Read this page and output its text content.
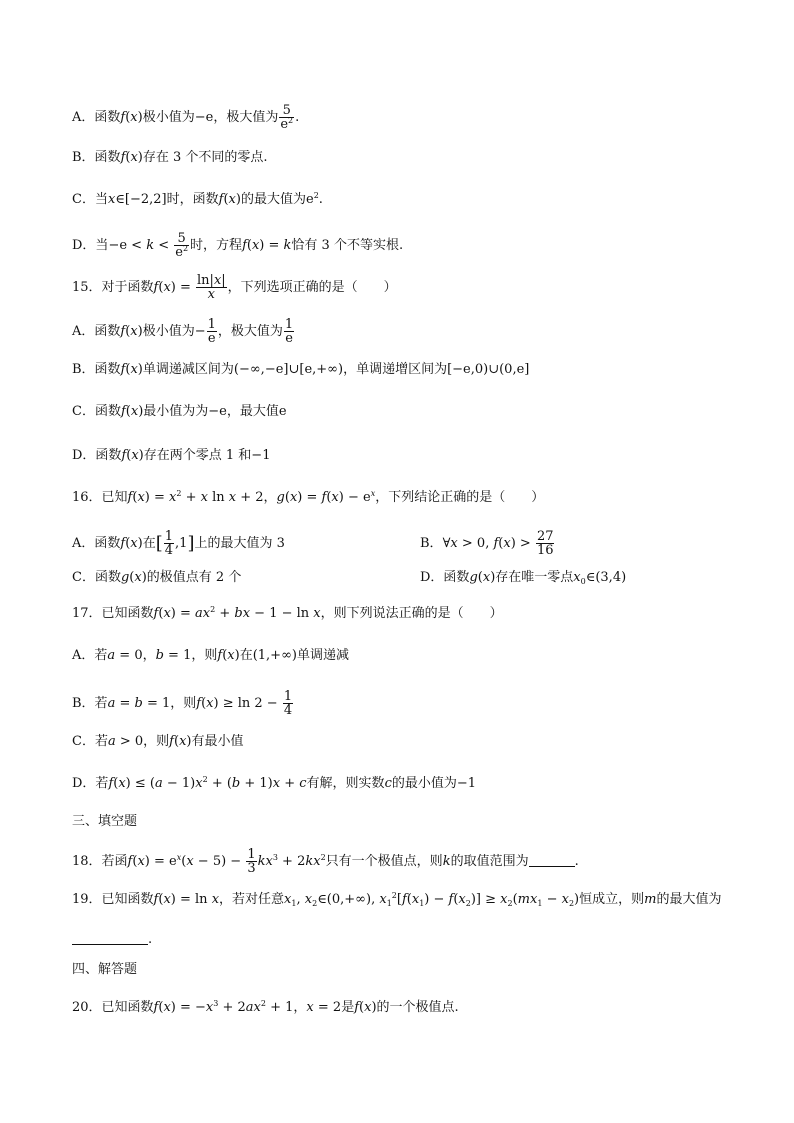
A．函数f(x)极小值为−e，极大值为 $\frac{5}{e^2}$ .
B．函数f(x)存在 3 个不同的零点.
C．当x∈[−2,2]时，函数f(x)的最大值为$e^2$.
D．当$-e < k < \frac{5}{e^2}$ 时，方程f(x) = k恰有 3 个不等实根.
15．对于函数$f(x) = \frac{\ln|x|}{x}$ ，下列选项正确的是（　　）
A．函数f(x)极小值为− $\frac{1}{e}$ ，极大值为 $\frac{1}{e}$
B．函数f(x)单调递减区间为(−∞,−e]∪[e,+∞)，单调递增区间为[−e,0)∪(0,e]
C．函数f(x)最小值为为−e，最大值e
D．函数f(x)存在两个零点 1 和−1
16．已知$f(x) = x^2 + x$ ln x + 2，$g(x) = f(x) - e^x$，下列结论正确的是（　　）
A．函数f(x)在[ $\frac{1}{4} ,1$]上的最大值为 3	B．∀x > 0, $f(x) > \frac{27}{16}$
C．函数g(x)的极值点有 2 个	D．函数g(x)存在唯一零点$x_0\in(3,4)$
17．已知函数$f(x) = ax^2$ + bx − 1 − ln x，则下列说法正确的是（　　）
A．若a = 0，b = 1，则f(x)在(1,+∞)单调递减
B．若a = b = 1，则$f(x) \ge \ln 2 - \frac{1}{4}$
C．若a > 0，则f(x)有最小值
D．若$f(x) \le (a - 1)x^2 + (b + 1)x + c$有解，则实数c的最小值为−1
三、填空题
18．若函$f(x) = e^x(x - 5) - \frac{1}{3} kx^3 + 2kx^2$只有一个极值点，则k的取值范围为	.
19．已知函数f(x) = ln x，若对任意$x_1$, $x_2\in(0,+\infty)$, $x_1^2[f(x_1) - f(x_2)] \ge x_2(mx_1 - x_2)$恒成立，则m的最大值为
.
四、解答题
20．已知函数$f(x) = -x^3 + 2ax^2 + 1$，x = 2是f(x)的一个极值点.
